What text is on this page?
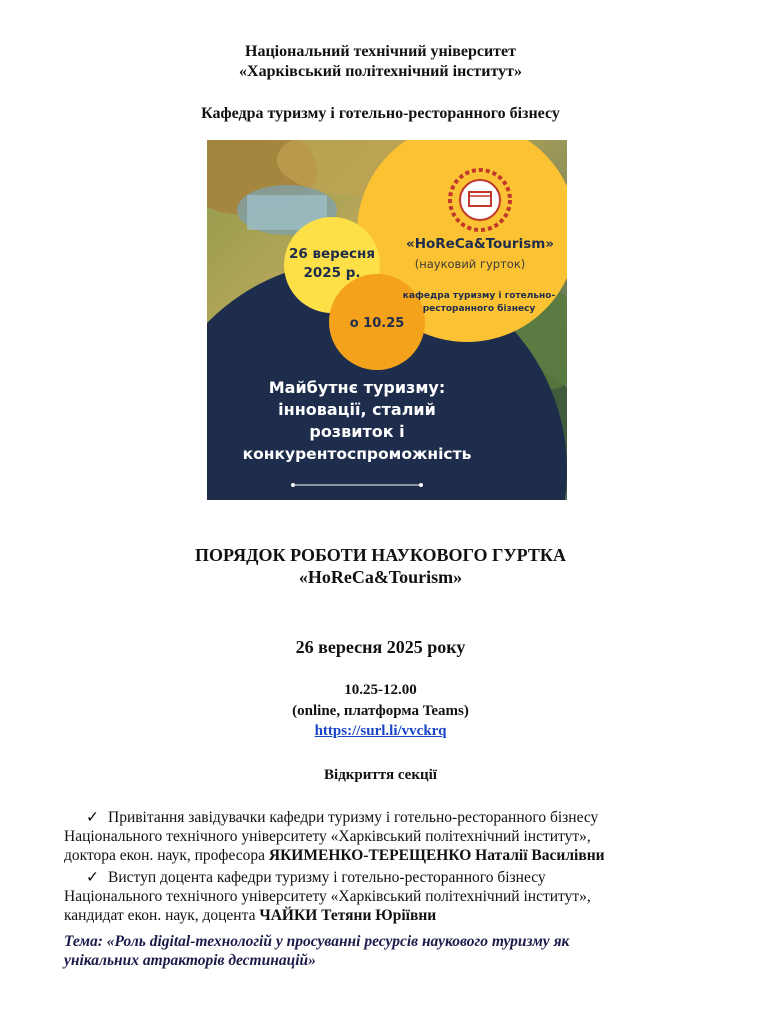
Національний технічний університет
«Харківський політехнічний інститут»
Кафедра туризму і готельно-ресторанного бізнесу
26 вересня
2025 р.
о 10.25
«HoReCa&Tourism»
(науковий гурток)
кафедра туризму і готельно-
ресторанного бізнесу
Майбутнє туризму:
інновації, сталий
розвиток і
конкурентоспроможність
ПОРЯДОК РОБОТИ НАУКОВОГО ГУРТКА
«HoReCa&Tourism»
26 вересня 2025 року
10.25-12.00
(online, платформа Teams)
https://surl.li/vvckrq
Відкриття секції
✓ Привітання завідувачки кафедри туризму і готельно-ресторанного бізнесу
Національного технічного університету «Харківський політехнічний інститут»,
доктора екон. наук, професора ЯКИМЕНКО-ТЕРЕЩЕНКО Наталії Василівни
✓ Виступ доцента кафедри туризму і готельно-ресторанного бізнесу
Національного технічного університету «Харківський політехнічний інститут»,
кандидат екон. наук, доцента ЧАЙКИ Тетяни Юріївни
Тема: «Роль digital-технологій у просуванні ресурсів наукового туризму як
унікальних атракторів дестинацій»
